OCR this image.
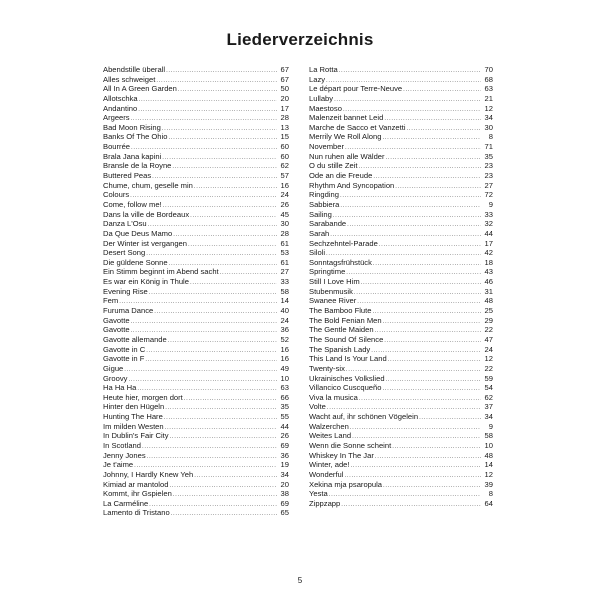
Liederverzeichnis
Abendstille überall . . .	67
Alles schweiget . . .	67
All In A Green Garden . . .	50
Allotschka . . .	20
Andantino . . .	17
Argeers . . .	28
Bad Moon Rising . . .	13
Banks Of The Ohio . . .	15
Bourrée . . .	60
Brala Jana kapini . . .	60
Bransle de la Royne . . .	62
Buttered Peas . . .	57
Chume, chum, geselle min . . .	16
Colours . . .	24
Come, follow me! . . .	26
Dans la ville de Bordeaux . . .	45
Danza L'Osu . . .	30
Da Que Deus Mamo . . .	28
Der Winter ist vergangen . . .	61
Desert Song . . .	53
Die güldene Sonne . . .	61
Ein Stimm beginnt im Abend sacht . . .	27
Es war ein König in Thule . . .	33
Evening Rise . . .	58
Fem . . .	14
Furuma Dance . . .	40
Gavotte . . .	24
Gavotte . . .	36
Gavotte allemande . . .	52
Gavotte in C . . .	16
Gavotte in F . . .	16
Gigue . . .	49
Groovy . . .	10
Ha Ha Ha . . .	63
Heute hier, morgen dort . . .	66
Hinter den Hügeln . . .	35
Hunting The Hare . . .	55
Im milden Westen . . .	44
In Dublin's Fair City . . .	26
In Scotland . . .	69
Jenny Jones . . .	36
Je t'aime . . .	19
Johnny, I Hardly Knew Yeh . . .	34
Kimiad ar mantolod . . .	20
Kommt, ihr Gspielen . . .	38
La Carméline . . .	69
Lamento di Tristano . . .	65
La Rotta . . .	70
Lazy . . .	68
Le départ pour Terre-Neuve . . .	63
Lullaby . . .	21
Maestoso . . .	12
Malenzeit bannet Leid . . .	34
Marche de Sacco et Vanzetti . . .	30
Merrily We Roll Along . . .	8
November . . .	71
Nun ruhen alle Wälder . . .	35
O du stille Zeit . . .	23
Ode an die Freude . . .	23
Rhythm And Syncopation . . .	27
Ringding . . .	72
Sabbiera . . .	9
Sailing . . .	33
Sarabande . . .	32
Sarah . . .	44
Sechzehntel-Parade . . .	17
Siloli . . .	42
Sonntagsfrühstück . . .	18
Springtime . . .	43
Still I Love Him . . .	46
Stubenmusik . . .	31
Swanee River . . .	48
The Bamboo Flute . . .	25
The Bold Fenian Men . . .	29
The Gentle Maiden . . .	22
The Sound Of Silence . . .	47
The Spanish Lady . . .	24
This Land Is Your Land . . .	12
Twenty-six . . .	22
Ukrainisches Volkslied . . .	59
Villancico Cuscqueño . . .	54
Viva la musica . . .	62
Volte . . .	37
Wacht auf, ihr schönen Vögelein . . .	34
Walzerchen . . .	9
Weites Land . . .	58
Wenn die Sonne scheint . . .	10
Whiskey In The Jar . . .	48
Winter, ade! . . .	14
Wonderful . . .	12
Xekina mja psaropula . . .	39
Yesta . . .	8
Zippzapp . . .	64
5
